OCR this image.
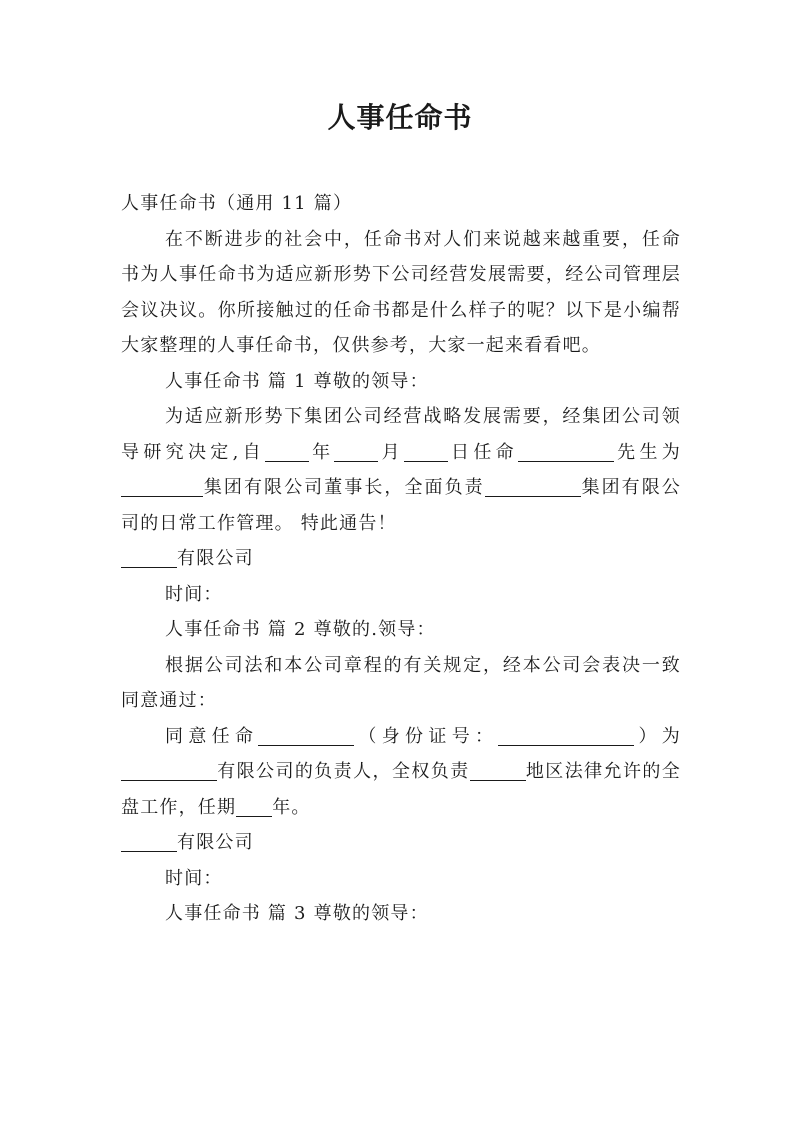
人事任命书

人事任命书（通用 11 篇）

在不断进步的社会中，任命书对人们来说越来越重要，任命书为人事任命书为适应新形势下公司经营发展需要，经公司管理层会议决议。你所接触过的任命书都是什么样子的呢？以下是小编帮大家整理的人事任命书，仅供参考，大家一起来看看吧。

人事任命书 篇 1 尊敬的领导：

为适应新形势下集团公司经营战略发展需要，经集团公司领导研究决定,自 年 月 日任命	先生为集团有限公司董事长，全面负责	集团有限公司的日常工作管理。 特此通告！

有限公司

时间：

人事任命书 篇 2 尊敬的.领导：

根据公司法和本公司章程的有关规定，经本公司会表决一致同意通过：

同意任命	（身份证号：	）为有限公司的负责人，全权负责	地区法律允许的全盘工作，任期 年。

有限公司

时间：

人事任命书 篇 3 尊敬的领导：
